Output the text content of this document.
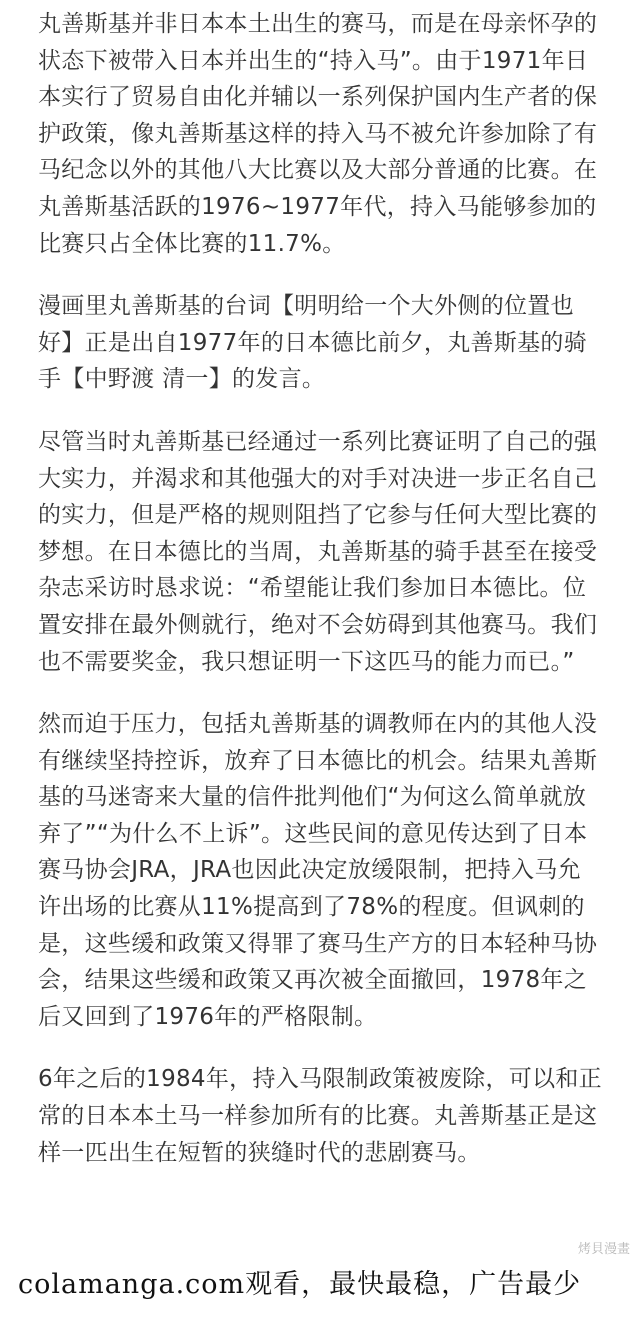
丸善斯基并非日本本土出生的赛马，而是在母亲怀孕的状态下被带入日本并出生的“持入马”。由于1971年日本实行了贸易自由化并辅以一系列保护国内生产者的保护政策，像丸善斯基这样的持入马不被允许参加除了有马纪念以外的其他八大比赛以及大部分普通的比赛。在丸善斯基活跃的1976~1977年代，持入马能够参加的比赛只占全体比赛的11.7%。

漫画里丸善斯基的台词【明明给一个大外侧的位置也好】正是出自1977年的日本德比前夕，丸善斯基的骑手【中野渡 清一】的发言。

尽管当时丸善斯基已经通过一系列比赛证明了自己的强大实力，并渴求和其他强大的对手对决进一步正名自己的实力，但是严格的规则阻挡了它参与任何大型比赛的梦想。在日本德比的当周，丸善斯基的骑手甚至在接受杂志采访时恳求说：“希望能让我们参加日本德比。位置安排在最外侧就行，绝对不会妨碍到其他赛马。我们也不需要奖金，我只想证明一下这匹马的能力而已。”

然而迫于压力，包括丸善斯基的调教师在内的其他人没有继续坚持控诉，放弃了日本德比的机会。结果丸善斯基的马迷寄来大量的信件批判他们“为何这么简单就放弃了”“为什么不上诉”。这些民间的意见传达到了日本赛马协会JRA，JRA也因此决定放缓限制，把持入马允许出场的比赛从11%提高到了78%的程度。但讽刺的是，这些缓和政策又得罪了赛马生产方的日本轻种马协会，结果这些缓和政策又再次被全面撤回，1978年之后又回到了1976年的严格限制。

6年之后的1984年，持入马限制政策被废除，可以和正常的日本本土马一样参加所有的比赛。丸善斯基正是这样一匹出生在短暂的狭缝时代的悲剧赛马。

烤貝漫畫
colamanga.com观看，最快最稳，广告最少
